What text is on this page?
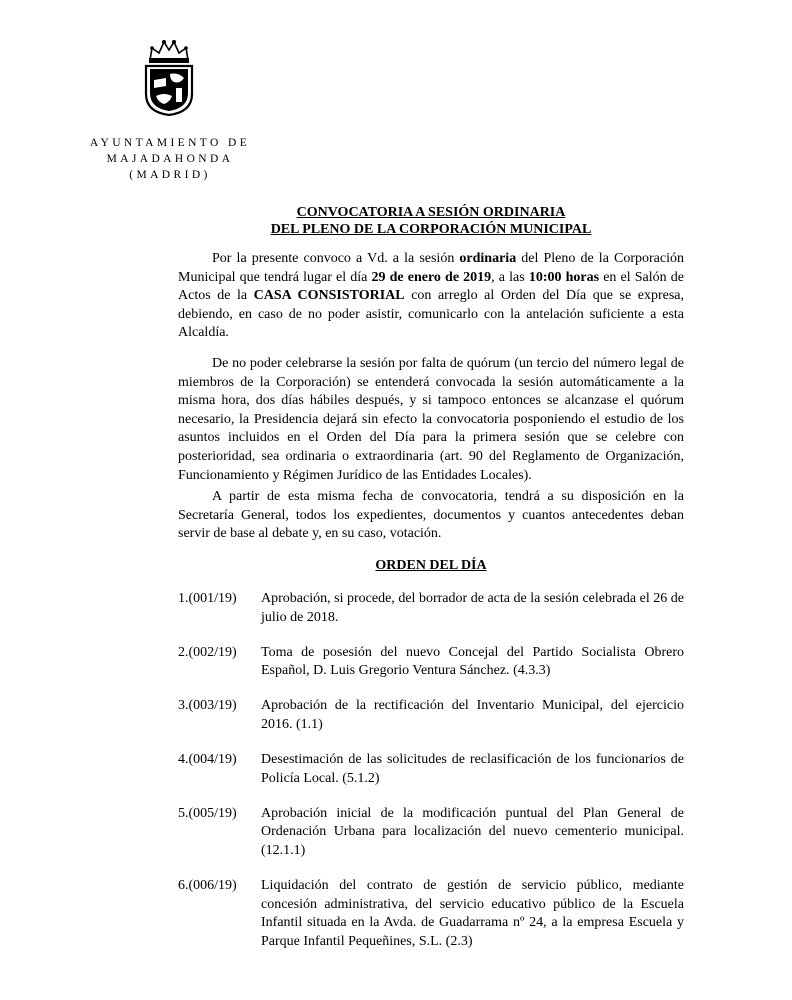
AYUNTAMIENTO DE
MAJADAHONDA
(MADRID)
CONVOCATORIA A SESIÓN ORDINARIA
DEL PLENO DE LA CORPORACIÓN MUNICIPAL

Por la presente convoco a Vd. a la sesión ordinaria del Pleno de la Corporación Municipal que tendrá lugar el día 29 de enero de 2019, a las 10:00 horas en el Salón de Actos de la CASA CONSISTORIAL con arreglo al Orden del Día que se expresa, debiendo, en caso de no poder asistir, comunicarlo con la antelación suficiente a esta Alcaldía.

De no poder celebrarse la sesión por falta de quórum (un tercio del número legal de miembros de la Corporación) se entenderá convocada la sesión automáticamente a la misma hora, dos días hábiles después, y si tampoco entonces se alcanzase el quórum necesario, la Presidencia dejará sin efecto la convocatoria posponiendo el estudio de los asuntos incluidos en el Orden del Día para la primera sesión que se celebre con posterioridad, sea ordinaria o extraordinaria (art. 90 del Reglamento de Organización, Funcionamiento y Régimen Jurídico de las Entidades Locales).

A partir de esta misma fecha de convocatoria, tendrá a su disposición en la Secretaría General, todos los expedientes, documentos y cuantos antecedentes deban servir de base al debate y, en su caso, votación.

ORDEN DEL DÍA
1.(001/19)	Aprobación, si procede, del borrador de acta de la sesión celebrada el 26 de julio de 2018.
2.(002/19)	Toma de posesión del nuevo Concejal del Partido Socialista Obrero Español, D. Luis Gregorio Ventura Sánchez. (4.3.3)
3.(003/19)	Aprobación de la rectificación del Inventario Municipal, del ejercicio 2016. (1.1)
4.(004/19)	Desestimación de las solicitudes de reclasificación de los funcionarios de Policía Local. (5.1.2)
5.(005/19)	Aprobación inicial de la modificación puntual del Plan General de Ordenación Urbana para localización del nuevo cementerio municipal. (12.1.1)
6.(006/19)	Liquidación del contrato de gestión de servicio público, mediante concesión administrativa, del servicio educativo público de la Escuela Infantil situada en la Avda. de Guadarrama nº 24, a la empresa Escuela y Parque Infantil Pequeñines, S.L. (2.3)
